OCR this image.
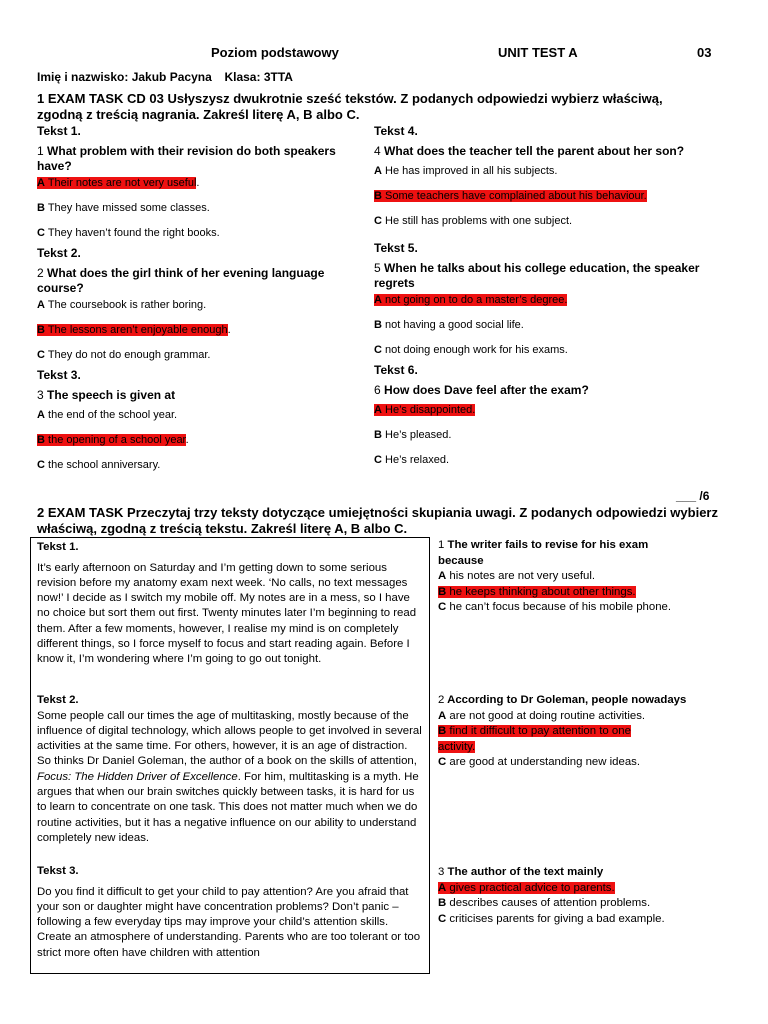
Poziom podstawowy	UNIT TEST A	03
Imię i nazwisko: Jakub Pacyna Klasa: 3TTA
1 EXAM TASK CD 03 Usłyszysz dwukrotnie sześć tekstów. Z podanych odpowiedzi wybierz właściwą,
zgodną z treścią nagrania. Zakreśl literę A, B albo C.
Tekst 1.
1 What problem with their revision do both speakers
have?
A Their notes are not very useful.
B They have missed some classes.
C They haven’t found the right books.
Tekst 2.
2 What does the girl think of her evening language
course?
A The coursebook is rather boring.
B The lessons aren’t enjoyable enough.
C They do not do enough grammar.
Tekst 3.
3 The speech is given at
A the end of the school year.
B the opening of a school year.
C the school anniversary.
Tekst 4.
4 What does the teacher tell the parent about her son?
A He has improved in all his subjects.
B Some teachers have complained about his behaviour.
C He still has problems with one subject.
Tekst 5.
5 When he talks about his college education, the speaker
regrets
A not going on to do a master’s degree.
B not having a good social life.
C not doing enough work for his exams.
Tekst 6.
6 How does Dave feel after the exam?
A He’s disappointed.
B He’s pleased.
C He’s relaxed.
___ /6
2 EXAM TASK Przeczytaj trzy teksty dotyczące umiejętności skupiania uwagi. Z podanych odpowiedzi wybierz
właściwą, zgodną z treścią tekstu. Zakreśl literę A, B albo C.
Tekst 1.
It’s early afternoon on Saturday and I’m getting down to some serious revision before my anatomy exam next week. ‘No calls, no text messages now!’ I decide as I switch my mobile off. My notes are in a mess, so I have no choice but sort them out first. Twenty minutes later I’m beginning to read them. After a few moments, however, I realise my mind is on completely different things, so I force myself to focus and start reading again. Before I know it, I’m wondering where I’m going to go out tonight.
Tekst 2.
Some people call our times the age of multitasking, mostly because of the influence of digital technology, which allows people to get involved in several activities at the same time. For others, however, it is an age of distraction. So thinks Dr Daniel Goleman, the author of a book on the skills of attention, Focus: The Hidden Driver of Excellence. For him, multitasking is a myth. He argues that when our brain switches quickly between tasks, it is hard for us to learn to concentrate on one task. This does not matter much when we do routine activities, but it has a negative influence on our ability to understand completely new ideas.
Tekst 3.
Do you find it difficult to get your child to pay attention? Are you afraid that your son or daughter might have concentration problems? Don’t panic – following a few everyday tips may improve your child’s attention skills. Create an atmosphere of understanding. Parents who are too tolerant or too strict more often have children with attention
1 The writer fails to revise for his exam
because
A his notes are not very useful.
B he keeps thinking about other things.
C he can’t focus because of his mobile phone.
2 According to Dr Goleman, people nowadays
A are not good at doing routine activities.
B find it difficult to pay attention to one
activity.
C are good at understanding new ideas.
3 The author of the text mainly
A gives practical advice to parents.
B describes causes of attention problems.
C criticises parents for giving a bad example.
